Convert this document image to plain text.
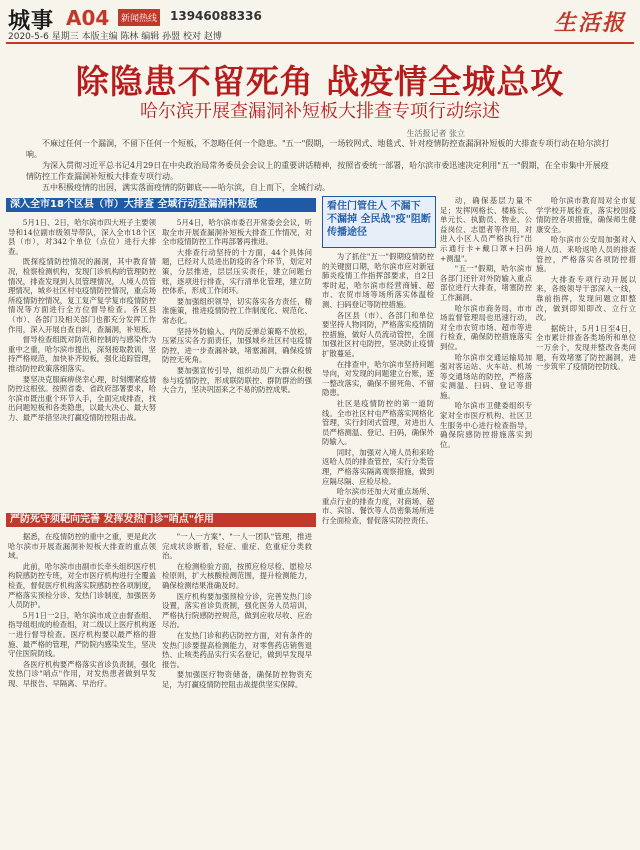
城事 A04	新闻热线 13946088336	生活报
2020-5-6 星期三 本版主编 陈林 编辑 孙盟 校对 赵博
除隐患不留死角 战疫情全城总攻
哈尔滨开展查漏洞补短板大排查专项行动综述
生活报记者 张立

不麻过任何一个漏洞，不留下任何一个短板，不忽略任何一个隐患。"五一"假期，一场较网式、地毯式、针对疫情防控查漏洞补短板的大排查专项行动在哈尔滨打响。

为深入贯彻习近平总书记4月29日在中央政治局常务委员会会议上的重要讲话精神，按照省委统一部署，哈尔滨市委迅速决定利用"五一"假期，在全市集中开展疫情防控工作查漏洞补短板大排查专项行动。

五中积极疫情的出因，满实落面疫情的防御底——哈尔滨，自上而下，全城行动。

深入全市18个区县（市）大排查 全域行动查漏洞补短板
严防死守须靶向完善 发挥发热门诊"哨点"作用
看住门管住人 不漏下 不漏掉 全民战"疫"阻断传播途径

5月1日、2日，哈尔滨市四大班子主要领导和14位副市级领导带队，深入全市18个区县（市），对342个单位（点位）进行大排查。

既探疫情防控情况的漏洞，其中教育情况，检察检测机构，发现门诊机构的管理防控情况，排查发现到人员管理情况，人境人员管理情况，城乡社区村屯疫情防控情况，重点场所疫情防控情况，复工复产复学复市疫情防控情况等方面进行全方位督导检查。各区县（市）、各部门及相关部门也都充分发挥工作作用，深入开展自查自纠，查漏洞，补短板。

督导检查组既对防范和控制的与感染作为重中之重，哈尔滨市提出，深刻接取教训，坚持严格规范，加快补齐短板，强化追踪管理，推动防控政策落细落实。

要坚决克服麻痹侥幸心理，时刻绷紧疫情防控这根弦。按照省委、省政府部署要求，哈尔滨市既出重个环节入手，全面完成排查，找出问题短板和各类隐患，以最大决心、最大努力、最严举措坚决打赢疫情防控阻击战。

5月4日，哈尔滨市委召开常委会会议，听取全市开展查漏洞补短板大排查工作情况，对全市疫情防控工作再部署再推进。

大排查行动坚持的十方面，44个具体问题，已经对人员进出防疫的各个环节，划定对策，分层推进，层层压实责任，建立问题台账，逐项进行排查，实行清单化管理，建立防控体系，形成工作闭环。

要加强组织领导，切实落实各方责任，精准施策，推进疫情防控工作制度化、规范化、常态化。

坚持外防输入、内防反弹总策略不放松，压紧压实各方面责任，加强城乡社区村屯疫情防控，进一步查漏补缺，堵塞漏洞，确保疫情防控无死角。

要加强宣传引导，组织动员广大群众积极参与疫情防控，形成联防联控、群防群治的强大合力，坚决巩固来之不易的防控成果。

据悉，在疫情防控的重中之重，更是此次哈尔滨市开展查漏洞补短板大排查的重点领域。

此前，哈尔滨市由副市长牵头组织医疗机构院感防控专班，对全市医疗机构进行全覆盖检查，督促医疗机构落实院感防控各项制度，严格落实预检分诊、发热门诊制度，加强医务人员防护。

5月1日一2日，哈尔滨市成立由督查组、指导组组成的检查组，对二级以上医疗机构逐一进行督导检查。医疗机构要以最严格的措施、最严格的管理，严防院内感染发生，坚决守住医院防线。

各医疗机构要严格落实首诊负责制，强化发热门诊"哨点"作用，对发热患者做到早发现、早报告、早隔离、早治疗。

"一人一方案"、"一人一团队"管理，推进完成状诊断着，轻症、重症、危重症分类救治。

在检测检验方面，按照应检尽检、愿检尽检原则，扩大核酸检测范围，提升检测能力，确保检测结果准确及时。

医疗机构要加强预检分诊，完善发热门诊设置，落实首诊负责制，强化医务人员培训，严格执行院感防控规范，做到应收尽收、应治尽治。

在发热门诊和药店防控方面，对有条件的发热门诊要提高检测能力，对零售药店销售退热、止咳类药品实行实名登记，做到早发现早报告。

要加强医疗物资储备，确保防控物资充足，为打赢疫情防控阻击战提供坚实保障。

为了抓住"五一"假期疫情防控的关键窗口期，哈尔滨市应对新冠肺炎疫情工作指挥部要求，自2日零时起，哈尔滨市经营商铺、超市、农贸市场等场所落实体温检测、扫码登记等防控措施。

各区县（市）、各部门和单位要坚持人物同防，严格落实疫情防控措施，做好人员流动管控，全面加强社区村屯防控，坚决防止疫情扩散蔓延。

在排查中，哈尔滨市坚持问题导向，对发现的问题建立台账，逐一整改落实，确保不留死角、不留隐患。

社区是疫情防控的第一道防线。全市社区村屯严格落实网格化管理，实行封闭式管理，对进出人员严格测温、登记、扫码，确保外防输入。

同时，加强对入境人员和来哈返哈人员的排查管控，实行分类管理，严格落实隔离观察措施，做到应隔尽隔、应检尽检。

哈尔滨市还加大对重点场所、重点行业的排查力度，对商场、超市、宾馆、餐饮等人员密集场所进行全面检查，督促落实防控责任。

动，确保基层力量不足；发挥网格长、楼栋长、单元长、执勤员、物业、公益岗位、志愿者等作用，对进入小区人员严格执行"出示通行卡+戴口罩+扫码+测温"。

"五一"假期，哈尔滨市各部门还针对外防输入重点部位进行大排查，堵塞防控工作漏洞。

哈尔滨市商务局、市市场监督管理局也迅速行动，对全市农贸市场、超市等进行检查，确保防控措施落实到位。

哈尔滨市交通运输局加强对客运站、火车站、机场等交通场站的防控，严格落实测温、扫码、登记等措施。

哈尔滨市卫健委组织专家对全市医疗机构、社区卫生服务中心进行检查指导，确保院感防控措施落实到位。

哈尔滨市教育局对全市复学学校开展检查，落实校园疫情防控各项措施，确保师生健康安全。

哈尔滨市公安局加强对入境人员、来哈返哈人员的排查管控，严格落实各项防控措施。

大排查专项行动开展以来，各级领导干部深入一线，靠前指挥，发现问题立即整改，做到即知即改、立行立改。

据统计，5月1日至4日，全市累计排查各类场所和单位一万余个，发现并整改各类问题，有效堵塞了防控漏洞，进一步筑牢了疫情防控防线。
